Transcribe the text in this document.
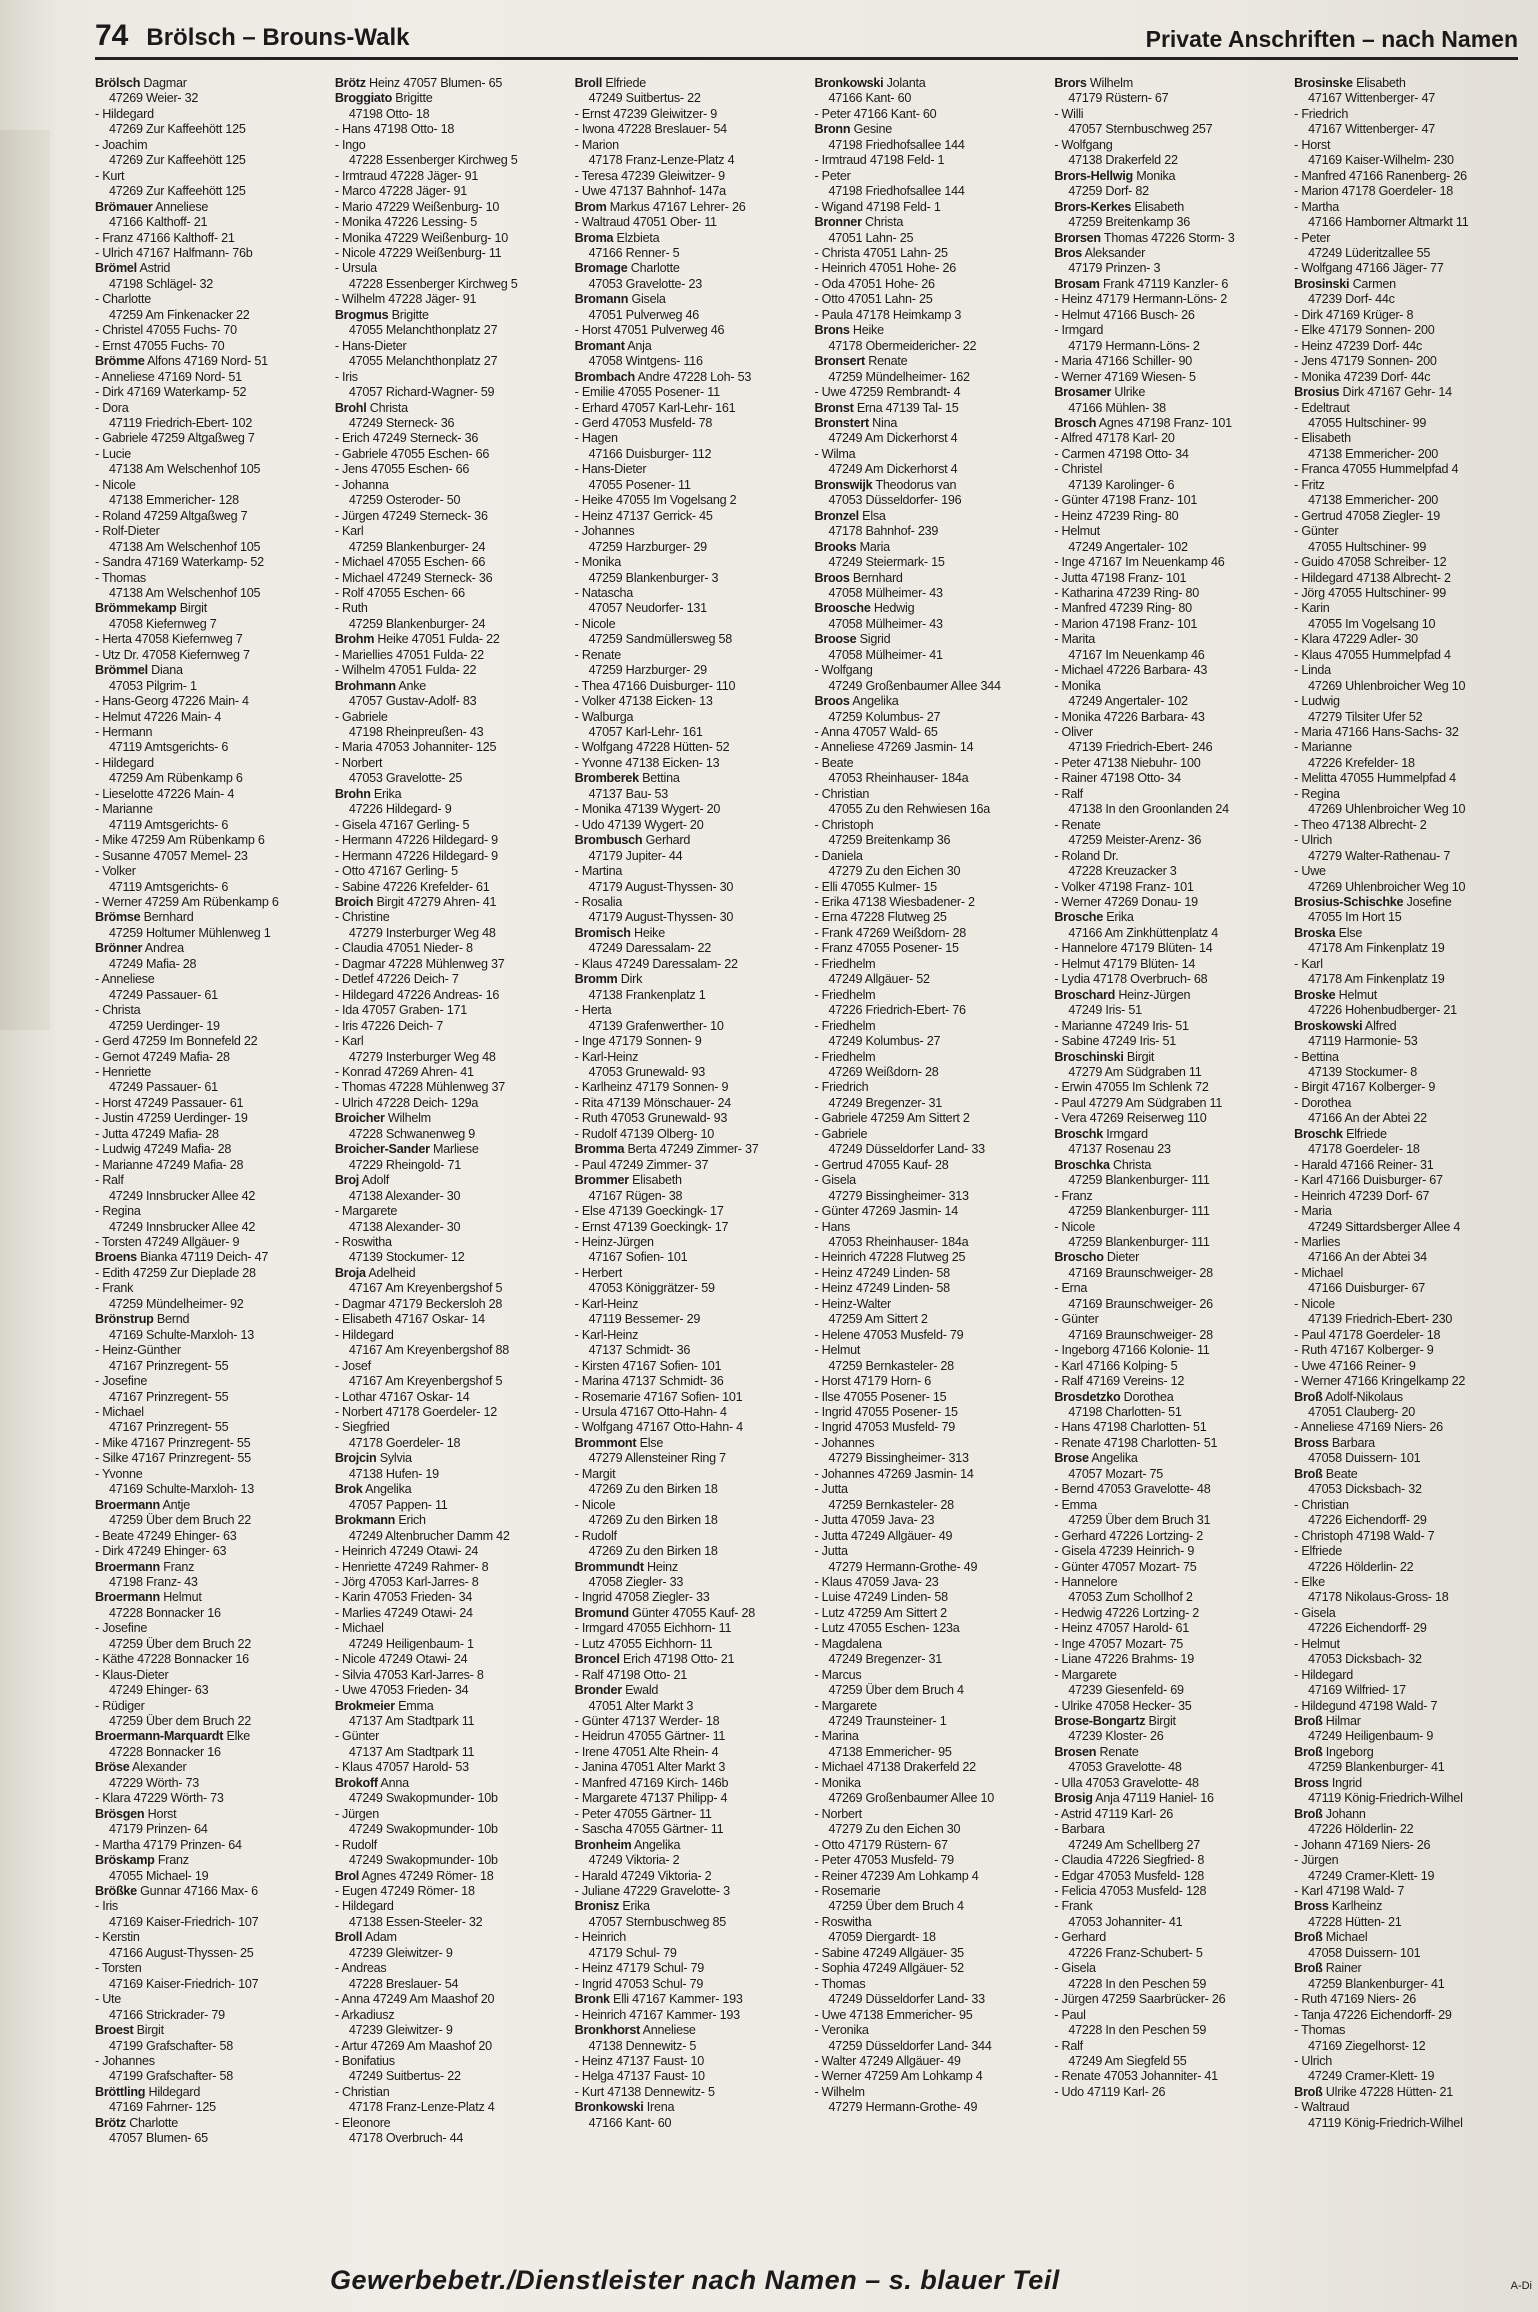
74 Brölsch – Brouns-Walk	Private Anschriften – nach Namen
Brölsch Dagmar
47269 Weier- 32
- Hildegard
47269 Zur Kaffeehött 125
- Joachim
47269 Zur Kaffeehött 125
- Kurt
47269 Zur Kaffeehött 125
Brömauer Anneliese
47166 Kalthoff- 21
- Franz 47166 Kalthoff- 21
- Ulrich 47167 Halfmann- 76b
Brömel Astrid
47198 Schlägel- 32
- Charlotte
47259 Am Finkenacker 22
- Christel 47055 Fuchs- 70
- Ernst 47055 Fuchs- 70
Brömme Alfons 47169 Nord- 51
- Anneliese 47169 Nord- 51
- Dirk 47169 Waterkamp- 52
- Dora
47119 Friedrich-Ebert- 102
- Gabriele 47259 Altgaßweg 7
- Lucie
47138 Am Welschenhof 105
- Nicole
47138 Emmericher- 128
- Roland 47259 Altgaßweg 7
- Rolf-Dieter
47138 Am Welschenhof 105
- Sandra 47169 Waterkamp- 52
- Thomas
47138 Am Welschenhof 105
Brömmekamp Birgit
47058 Kiefernweg 7
- Herta 47058 Kiefernweg 7
- Utz Dr. 47058 Kiefernweg 7
Brömmel Diana
47053 Pilgrim- 1
- Hans-Georg 47226 Main- 4
- Helmut 47226 Main- 4
- Hermann
47119 Amtsgerichts- 6
- Hildegard
47259 Am Rübenkamp 6
- Lieselotte 47226 Main- 4
- Marianne
47119 Amtsgerichts- 6
- Mike 47259 Am Rübenkamp 6
- Susanne 47057 Memel- 23
- Volker
47119 Amtsgerichts- 6
- Werner 47259 Am Rübenkamp 6
Brömse Bernhard
47259 Holtumer Mühlenweg 1
Brönner Andrea
47249 Mafia- 28
- Anneliese
47249 Passauer- 61
- Christa
47259 Uerdinger- 19
- Gerd 47259 Im Bonnefeld 22
- Gernot 47249 Mafia- 28
- Henriette
47249 Passauer- 61
- Horst 47249 Passauer- 61
- Justin 47259 Uerdinger- 19
- Jutta 47249 Mafia- 28
- Ludwig 47249 Mafia- 28
- Marianne 47249 Mafia- 28
- Ralf
47249 Innsbrucker Allee 42
- Regina
47249 Innsbrucker Allee 42
- Torsten 47249 Allgäuer- 9
Broens Bianka 47119 Deich- 47
- Edith 47259 Zur Dieplade 28
- Frank
47259 Mündelheimer- 92
Brönstrup Bernd
47169 Schulte-Marxloh- 13
- Heinz-Günther
47167 Prinzregent- 55
- Josefine
47167 Prinzregent- 55
- Michael
47167 Prinzregent- 55
- Mike 47167 Prinzregent- 55
- Silke 47167 Prinzregent- 55
- Yvonne
47169 Schulte-Marxloh- 13
Broermann Antje
47259 Über dem Bruch 22
- Beate 47249 Ehinger- 63
- Dirk 47249 Ehinger- 63
Broermann Franz
47198 Franz- 43
Broermann Helmut
47228 Bonnacker 16
- Josefine
47259 Über dem Bruch 22
- Käthe 47228 Bonnacker 16
- Klaus-Dieter
47249 Ehinger- 63
- Rüdiger
47259 Über dem Bruch 22
Broermann-Marquardt Elke
47228 Bonnacker 16
Bröse Alexander
47229 Wörth- 73
- Klara 47229 Wörth- 73
Brösgen Horst
47179 Prinzen- 64
- Martha 47179 Prinzen- 64
Bröskamp Franz
47055 Michael- 19
Brößke Gunnar 47166 Max- 6
- Iris
47169 Kaiser-Friedrich- 107
- Kerstin
47166 August-Thyssen- 25
- Torsten
47169 Kaiser-Friedrich- 107
- Ute
47166 Strickrader- 79
Broest Birgit
47199 Grafschafter- 58
- Johannes
47199 Grafschafter- 58
Bröttling Hildegard
47169 Fahrner- 125
Brötz Charlotte
47057 Blumen- 65
Brötz Heinz 47057 Blumen- 65
Broggiato Brigitte
47198 Otto- 18
- Hans 47198 Otto- 18
- Ingo
47228 Essenberger Kirchweg 5
- Irmtraud 47228 Jäger- 91
- Marco 47228 Jäger- 91
- Mario 47229 Weißenburg- 10
- Monika 47226 Lessing- 5
- Monika 47229 Weißenburg- 10
- Nicole 47229 Weißenburg- 11
- Ursula
47228 Essenberger Kirchweg 5
- Wilhelm 47228 Jäger- 91
Brogmus Brigitte
47055 Melanchthonplatz 27
- Hans-Dieter
47055 Melanchthonplatz 27
- Iris
47057 Richard-Wagner- 59
Brohl Christa
47249 Sterneck- 36
- Erich 47249 Sterneck- 36
- Gabriele 47055 Eschen- 66
- Jens 47055 Eschen- 66
- Johanna
47259 Osteroder- 50
- Jürgen 47249 Sterneck- 36
- Karl
47259 Blankenburger- 24
- Michael 47055 Eschen- 66
- Michael 47249 Sterneck- 36
- Rolf 47055 Eschen- 66
- Ruth
47259 Blankenburger- 24
Brohm Heike 47051 Fulda- 22
- Mariellies 47051 Fulda- 22
- Wilhelm 47051 Fulda- 22
Brohmann Anke
47057 Gustav-Adolf- 83
- Gabriele
47198 Rheinpreußen- 43
- Maria 47053 Johanniter- 125
- Norbert
47053 Gravelotte- 25
Brohn Erika
47226 Hildegard- 9
- Gisela 47167 Gerling- 5
- Hermann 47226 Hildegard- 9
- Hermann 47226 Hildegard- 9
- Otto 47167 Gerling- 5
- Sabine 47226 Krefelder- 61
Broich Birgit 47279 Ahren- 41
- Christine
47279 Insterburger Weg 48
- Claudia 47051 Nieder- 8
- Dagmar 47228 Mühlenweg 37
- Detlef 47226 Deich- 7
- Hildegard 47226 Andreas- 16
- Ida 47057 Graben- 171
- Iris 47226 Deich- 7
- Karl
47279 Insterburger Weg 48
- Konrad 47269 Ahren- 41
- Thomas 47228 Mühlenweg 37
- Ulrich 47228 Deich- 129a
Broicher Wilhelm
47228 Schwanenweg 9
Broicher-Sander Marliese
47229 Rheingold- 71
Broj Adolf
47138 Alexander- 30
- Margarete
47138 Alexander- 30
- Roswitha
47139 Stockumer- 12
Broja Adelheid
47167 Am Kreyenbergshof 5
- Dagmar 47179 Beckersloh 28
- Elisabeth 47167 Oskar- 14
- Hildegard
47167 Am Kreyenbergshof 88
- Josef
47167 Am Kreyenbergshof 5
- Lothar 47167 Oskar- 14
- Norbert 47178 Goerdeler- 12
- Siegfried
47178 Goerdeler- 18
Brojcin Sylvia
47138 Hufen- 19
Brok Angelika
47057 Pappen- 11
Brokmann Erich
47249 Altenbrucher Damm 42
- Heinrich 47249 Otawi- 24
- Henriette 47249 Rahmer- 8
- Jörg 47053 Karl-Jarres- 8
- Karin 47053 Frieden- 34
- Marlies 47249 Otawi- 24
- Michael
47249 Heiligenbaum- 1
- Nicole 47249 Otawi- 24
- Silvia 47053 Karl-Jarres- 8
- Uwe 47053 Frieden- 34
Brokmeier Emma
47137 Am Stadtpark 11
- Günter
47137 Am Stadtpark 11
- Klaus 47057 Harold- 53
Brokoff Anna
47249 Swakopmunder- 10b
- Jürgen
47249 Swakopmunder- 10b
- Rudolf
47249 Swakopmunder- 10b
Brol Agnes 47249 Römer- 18
- Eugen 47249 Römer- 18
- Hildegard
47138 Essen-Steeler- 32
Broll Adam
47239 Gleiwitzer- 9
- Andreas
47228 Breslauer- 54
- Anna 47249 Am Maashof 20
- Arkadiusz
47239 Gleiwitzer- 9
- Artur 47269 Am Maashof 20
- Bonifatius
47249 Suitbertus- 22
- Christian
47178 Franz-Lenze-Platz 4
- Eleonore
47178 Overbruch- 44
Broll Elfriede
47249 Suitbertus- 22
- Ernst 47239 Gleiwitzer- 9
- Iwona 47228 Breslauer- 54
- Marion
47178 Franz-Lenze-Platz 4
- Teresa 47239 Gleiwitzer- 9
- Uwe 47137 Bahnhof- 147a
Brom Markus 47167 Lehrer- 26
- Waltraud 47051 Ober- 11
Broma Elzbieta
47166 Renner- 5
Bromage Charlotte
47053 Gravelotte- 23
Bromann Gisela
47051 Pulverweg 46
- Horst 47051 Pulverweg 46
Bromant Anja
47058 Wintgens- 116
Brombach Andre 47228 Loh- 53
- Emilie 47055 Posener- 11
- Erhard 47057 Karl-Lehr- 161
- Gerd 47053 Musfeld- 78
- Hagen
47166 Duisburger- 112
- Hans-Dieter
47055 Posener- 11
- Heike 47055 Im Vogelsang 2
- Heinz 47137 Gerrick- 45
- Johannes
47259 Harzburger- 29
- Monika
47259 Blankenburger- 3
- Natascha
47057 Neudorfer- 131
- Nicole
47259 Sandmüllersweg 58
- Renate
47259 Harzburger- 29
- Thea 47166 Duisburger- 110
- Volker 47138 Eicken- 13
- Walburga
47057 Karl-Lehr- 161
- Wolfgang 47228 Hütten- 52
- Yvonne 47138 Eicken- 13
Bromberek Bettina
47137 Bau- 53
- Monika 47139 Wygert- 20
- Udo 47139 Wygert- 20
Brombusch Gerhard
47179 Jupiter- 44
- Martina
47179 August-Thyssen- 30
- Rosalia
47179 August-Thyssen- 30
Bromisch Heike
47249 Daressalam- 22
- Klaus 47249 Daressalam- 22
Bromm Dirk
47138 Frankenplatz 1
- Herta
47139 Grafenwerther- 10
- Inge 47179 Sonnen- 9
- Karl-Heinz
47053 Grunewald- 93
- Karlheinz 47179 Sonnen- 9
- Rita 47139 Mönschauer- 24
- Ruth 47053 Grunewald- 93
- Rudolf 47139 Olberg- 10
Bromma Berta 47249 Zimmer- 37
- Paul 47249 Zimmer- 37
Brommer Elisabeth
47167 Rügen- 38
- Else 47139 Goeckingk- 17
- Ernst 47139 Goeckingk- 17
- Heinz-Jürgen
47167 Sofien- 101
- Herbert
47053 Königgrätzer- 59
- Karl-Heinz
47119 Bessemer- 29
- Karl-Heinz
47137 Schmidt- 36
- Kirsten 47167 Sofien- 101
- Marina 47137 Schmidt- 36
- Rosemarie 47167 Sofien- 101
- Ursula 47167 Otto-Hahn- 4
- Wolfgang 47167 Otto-Hahn- 4
Brommont Else
47279 Allensteiner Ring 7
- Margit
47269 Zu den Birken 18
- Nicole
47269 Zu den Birken 18
- Rudolf
47269 Zu den Birken 18
Brommundt Heinz
47058 Ziegler- 33
- Ingrid 47058 Ziegler- 33
Bromund Günter 47055 Kauf- 28
- Irmgard 47055 Eichhorn- 11
- Lutz 47055 Eichhorn- 11
Broncel Erich 47198 Otto- 21
- Ralf 47198 Otto- 21
Bronder Ewald
47051 Alter Markt 3
- Günter 47137 Werder- 18
- Heidrun 47055 Gärtner- 11
- Irene 47051 Alte Rhein- 4
- Janina 47051 Alter Markt 3
- Manfred 47169 Kirch- 146b
- Margarete 47137 Philipp- 4
- Peter 47055 Gärtner- 11
- Sascha 47055 Gärtner- 11
Bronheim Angelika
47249 Viktoria- 2
- Harald 47249 Viktoria- 2
- Juliane 47229 Gravelotte- 3
Bronisz Erika
47057 Sternbuschweg 85
- Heinrich
47179 Schul- 79
- Heinz 47179 Schul- 79
- Ingrid 47053 Schul- 79
Bronk Elli 47167 Kammer- 193
- Heinrich 47167 Kammer- 193
Bronkhorst Anneliese
47138 Dennewitz- 5
- Heinz 47137 Faust- 10
- Helga 47137 Faust- 10
- Kurt 47138 Dennewitz- 5
Bronkowski Irena
47166 Kant- 60
Bronkowski Jolanta
47166 Kant- 60
- Peter 47166 Kant- 60
Bronn Gesine
47198 Friedhofsallee 144
- Irmtraud 47198 Feld- 1
- Peter
47198 Friedhofsallee 144
- Wigand 47198 Feld- 1
Bronner Christa
47051 Lahn- 25
- Christa 47051 Lahn- 25
- Heinrich 47051 Hohe- 26
- Oda 47051 Hohe- 26
- Otto 47051 Lahn- 25
- Paula 47178 Heimkamp 3
Brons Heike
47178 Obermeidericher- 22
Bronsert Renate
47259 Mündelheimer- 162
- Uwe 47259 Rembrandt- 4
Bronst Erna 47139 Tal- 15
Bronstert Nina
47249 Am Dickerhorst 4
- Wilma
47249 Am Dickerhorst 4
Bronswijk Theodorus van
47053 Düsseldorfer- 196
Bronzel Elsa
47178 Bahnhof- 239
Brooks Maria
47249 Steiermark- 15
Broos Bernhard
47058 Mülheimer- 43
Broosche Hedwig
47058 Mülheimer- 43
Broose Sigrid
47058 Mülheimer- 41
- Wolfgang
47249 Großenbaumer Allee 344
Broos Angelika
47259 Kolumbus- 27
- Anna 47057 Wald- 65
- Anneliese 47269 Jasmin- 14
- Beate
47053 Rheinhauser- 184a
- Christian
47055 Zu den Rehwiesen 16a
- Christoph
47259 Breitenkamp 36
- Daniela
47279 Zu den Eichen 30
- Elli 47055 Kulmer- 15
- Erika 47138 Wiesbadener- 2
- Erna 47228 Flutweg 25
- Frank 47269 Weißdorn- 28
- Franz 47055 Posener- 15
- Friedhelm
47249 Allgäuer- 52
- Friedhelm
47226 Friedrich-Ebert- 76
- Friedhelm
47249 Kolumbus- 27
- Friedhelm
47269 Weißdorn- 28
- Friedrich
47249 Bregenzer- 31
- Gabriele 47259 Am Sittert 2
- Gabriele
47249 Düsseldorfer Land- 33
- Gertrud 47055 Kauf- 28
- Gisela
47279 Bissingheimer- 313
- Günter 47269 Jasmin- 14
- Hans
47053 Rheinhauser- 184a
- Heinrich 47228 Flutweg 25
- Heinz 47249 Linden- 58
- Heinz 47249 Linden- 58
- Heinz-Walter
47259 Am Sittert 2
- Helene 47053 Musfeld- 79
- Helmut
47259 Bernkasteler- 28
- Horst 47179 Horn- 6
- Ilse 47055 Posener- 15
- Ingrid 47055 Posener- 15
- Ingrid 47053 Musfeld- 79
- Johannes
47279 Bissingheimer- 313
- Johannes 47269 Jasmin- 14
- Jutta
47259 Bernkasteler- 28
- Jutta 47059 Java- 23
- Jutta 47249 Allgäuer- 49
- Jutta
47279 Hermann-Grothe- 49
- Klaus 47059 Java- 23
- Luise 47249 Linden- 58
- Lutz 47259 Am Sittert 2
- Lutz 47055 Eschen- 123a
- Magdalena
47249 Bregenzer- 31
- Marcus
47259 Über dem Bruch 4
- Margarete
47249 Traunsteiner- 1
- Marina
47138 Emmericher- 95
- Michael 47138 Drakerfeld 22
- Monika
47269 Großenbaumer Allee 10
- Norbert
47279 Zu den Eichen 30
- Otto 47179 Rüstern- 67
- Peter 47053 Musfeld- 79
- Reiner 47239 Am Lohkamp 4
- Rosemarie
47259 Über dem Bruch 4
- Roswitha
47059 Diergardt- 18
- Sabine 47249 Allgäuer- 35
- Sophia 47249 Allgäuer- 52
- Thomas
47249 Düsseldorfer Land- 33
- Uwe 47138 Emmericher- 95
- Veronika
47259 Düsseldorfer Land- 344
- Walter 47249 Allgäuer- 49
- Werner 47259 Am Lohkamp 4
- Wilhelm
47279 Hermann-Grothe- 49
Brors Wilhelm
47179 Rüstern- 67
- Willi
47057 Sternbuschweg 257
- Wolfgang
47138 Drakerfeld 22
Brors-Hellwig Monika
47259 Dorf- 82
Brors-Kerkes Elisabeth
47259 Breitenkamp 36
Brorsen Thomas 47226 Storm- 3
Bros Aleksander
47179 Prinzen- 3
Brosam Frank 47119 Kanzler- 6
- Heinz 47179 Hermann-Löns- 2
- Helmut 47166 Busch- 26
- Irmgard
47179 Hermann-Löns- 2
- Maria 47166 Schiller- 90
- Werner 47169 Wiesen- 5
Brosamer Ulrike
47166 Mühlen- 38
Brosch Agnes 47198 Franz- 101
- Alfred 47178 Karl- 20
- Carmen 47198 Otto- 34
- Christel
47139 Karolinger- 6
- Günter 47198 Franz- 101
- Heinz 47239 Ring- 80
- Helmut
47249 Angertaler- 102
- Inge 47167 Im Neuenkamp 46
- Jutta 47198 Franz- 101
- Katharina 47239 Ring- 80
- Manfred 47239 Ring- 80
- Marion 47198 Franz- 101
- Marita
47167 Im Neuenkamp 46
- Michael 47226 Barbara- 43
- Monika
47249 Angertaler- 102
- Monika 47226 Barbara- 43
- Oliver
47139 Friedrich-Ebert- 246
- Peter 47138 Niebuhr- 100
- Rainer 47198 Otto- 34
- Ralf
47138 In den Groonlanden 24
- Renate
47259 Meister-Arenz- 36
- Roland Dr.
47228 Kreuzacker 3
- Volker 47198 Franz- 101
- Werner 47269 Donau- 19
Brosche Erika
47166 Am Zinkhüttenplatz 4
- Hannelore 47179 Blüten- 14
- Helmut 47179 Blüten- 14
- Lydia 47178 Overbruch- 68
Broschard Heinz-Jürgen
47249 Iris- 51
- Marianne 47249 Iris- 51
- Sabine 47249 Iris- 51
Broschinski Birgit
47279 Am Südgraben 11
- Erwin 47055 Im Schlenk 72
- Paul 47279 Am Südgraben 11
- Vera 47269 Reiserweg 110
Broschk Irmgard
47137 Rosenau 23
Broschka Christa
47259 Blankenburger- 111
- Franz
47259 Blankenburger- 111
- Nicole
47259 Blankenburger- 111
Broscho Dieter
47169 Braunschweiger- 28
- Erna
47169 Braunschweiger- 26
- Günter
47169 Braunschweiger- 28
- Ingeborg 47166 Kolonie- 11
- Karl 47166 Kolping- 5
- Ralf 47169 Vereins- 12
Brosdetzko Dorothea
47198 Charlotten- 51
- Hans 47198 Charlotten- 51
- Renate 47198 Charlotten- 51
Brose Angelika
47057 Mozart- 75
- Bernd 47053 Gravelotte- 48
- Emma
47259 Über dem Bruch 31
- Gerhard 47226 Lortzing- 2
- Gisela 47239 Heinrich- 9
- Günter 47057 Mozart- 75
- Hannelore
47053 Zum Schollhof 2
- Hedwig 47226 Lortzing- 2
- Heinz 47057 Harold- 61
- Inge 47057 Mozart- 75
- Liane 47226 Brahms- 19
- Margarete
47239 Giesenfeld- 69
- Ulrike 47058 Hecker- 35
Brose-Bongartz Birgit
47239 Kloster- 26
Brosen Renate
47053 Gravelotte- 48
- Ulla 47053 Gravelotte- 48
Brosig Anja 47119 Haniel- 16
- Astrid 47119 Karl- 26
- Barbara
47249 Am Schellberg 27
- Claudia 47226 Siegfried- 8
- Edgar 47053 Musfeld- 128
- Felicia 47053 Musfeld- 128
- Frank
47053 Johanniter- 41
- Gerhard
47226 Franz-Schubert- 5
- Gisela
47228 In den Peschen 59
- Jürgen 47259 Saarbrücker- 26
- Paul
47228 In den Peschen 59
- Ralf
47249 Am Siegfeld 55
- Renate 47053 Johanniter- 41
- Udo 47119 Karl- 26
Brosinske Elisabeth
47167 Wittenberger- 47
- Friedrich
47167 Wittenberger- 47
- Horst
47169 Kaiser-Wilhelm- 230
- Manfred 47166 Ranenberg- 26
- Marion 47178 Goerdeler- 18
- Martha
47166 Hamborner Altmarkt 11
- Peter
47249 Lüderitzallee 55
- Wolfgang 47166 Jäger- 77
Brosinski Carmen
47239 Dorf- 44c
- Dirk 47169 Krüger- 8
- Elke 47179 Sonnen- 200
- Heinz 47239 Dorf- 44c
- Jens 47179 Sonnen- 200
- Monika 47239 Dorf- 44c
Brosius Dirk 47167 Gehr- 14
- Edeltraut
47055 Hultschiner- 99
- Elisabeth
47138 Emmericher- 200
- Franca 47055 Hummelpfad 4
- Fritz
47138 Emmericher- 200
- Gertrud 47058 Ziegler- 19
- Günter
47055 Hultschiner- 99
- Guido 47058 Schreiber- 12
- Hildegard 47138 Albrecht- 2
- Jörg 47055 Hultschiner- 99
- Karin
47055 Im Vogelsang 10
- Klara 47229 Adler- 30
- Klaus 47055 Hummelpfad 4
- Linda
47269 Uhlenbroicher Weg 10
- Ludwig
47279 Tilsiter Ufer 52
- Maria 47166 Hans-Sachs- 32
- Marianne
47226 Krefelder- 18
- Melitta 47055 Hummelpfad 4
- Regina
47269 Uhlenbroicher Weg 10
- Theo 47138 Albrecht- 2
- Ulrich
47279 Walter-Rathenau- 7
- Uwe
47269 Uhlenbroicher Weg 10
Brosius-Schischke Josefine
47055 Im Hort 15
Broska Else
47178 Am Finkenplatz 19
- Karl
47178 Am Finkenplatz 19
Broske Helmut
47226 Hohenbudberger- 21
Broskowski Alfred
47119 Harmonie- 53
- Bettina
47139 Stockumer- 8
- Birgit 47167 Kolberger- 9
- Dorothea
47166 An der Abtei 22
Broschk Elfriede
47178 Goerdeler- 18
- Harald 47166 Reiner- 31
- Karl 47166 Duisburger- 67
- Heinrich 47239 Dorf- 67
- Maria
47249 Sittardsberger Allee 4
- Marlies
47166 An der Abtei 34
- Michael
47166 Duisburger- 67
- Nicole
47139 Friedrich-Ebert- 230
- Paul 47178 Goerdeler- 18
- Ruth 47167 Kolberger- 9
- Uwe 47166 Reiner- 9
- Werner 47166 Kringelkamp 22
Broß Adolf-Nikolaus
47051 Clauberg- 20
- Anneliese 47169 Niers- 26
Bross Barbara
47058 Duissern- 101
Broß Beate
47053 Dicksbach- 32
- Christian
47226 Eichendorff- 29
- Christoph 47198 Wald- 7
- Elfriede
47226 Hölderlin- 22
- Elke
47178 Nikolaus-Gross- 18
- Gisela
47226 Eichendorff- 29
- Helmut
47053 Dicksbach- 32
- Hildegard
47169 Wilfried- 17
- Hildegund 47198 Wald- 7
Broß Hilmar
47249 Heiligenbaum- 9
Broß Ingeborg
47259 Blankenburger- 41
Bross Ingrid
47119 König-Friedrich-Wilhel
Broß Johann
47226 Hölderlin- 22
- Johann 47169 Niers- 26
- Jürgen
47249 Cramer-Klett- 19
- Karl 47198 Wald- 7
Bross Karlheinz
47228 Hütten- 21
Broß Michael
47058 Duissern- 101
Broß Rainer
47259 Blankenburger- 41
- Ruth 47169 Niers- 26
- Tanja 47226 Eichendorff- 29
- Thomas
47169 Ziegelhorst- 12
- Ulrich
47249 Cramer-Klett- 19
Broß Ulrike 47228 Hütten- 21
- Waltraud
47119 König-Friedrich-Wilhel
Gewerbebetr./Dienstleister nach Namen – s. blauer Teil	A-Di
